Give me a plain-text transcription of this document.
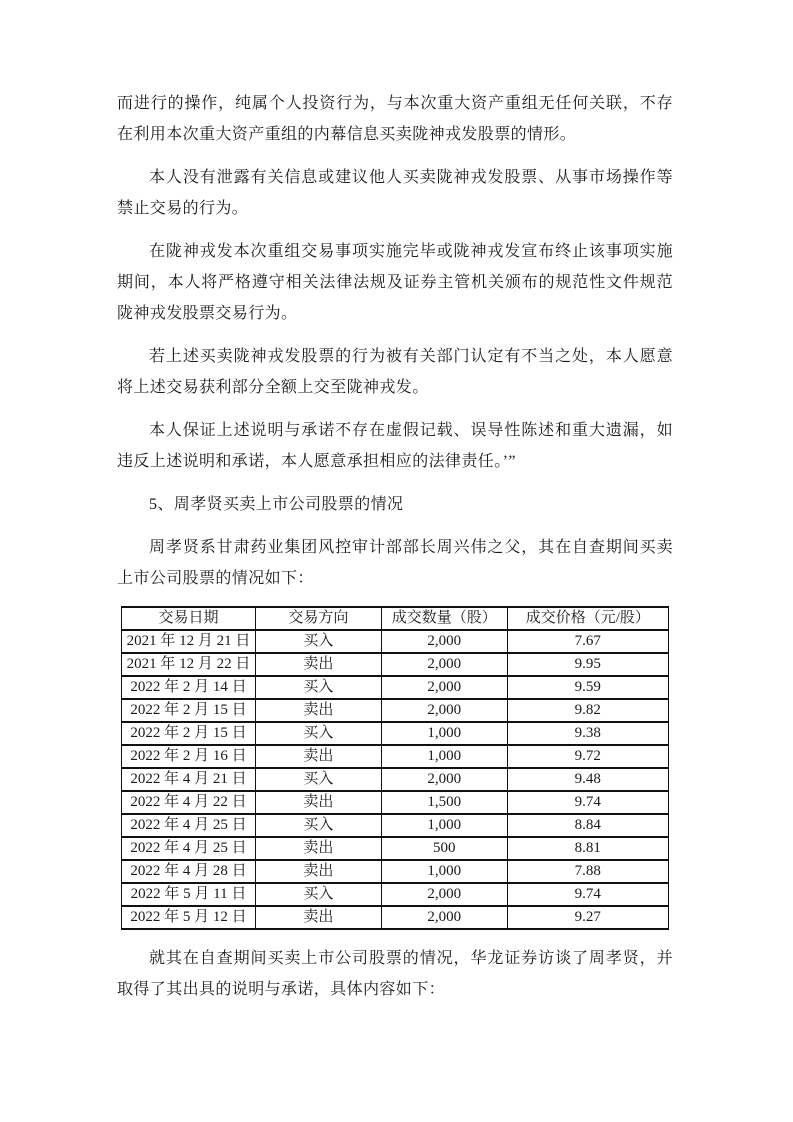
而进行的操作，纯属个人投资行为，与本次重大资产重组无任何关联，不存在利用本次重大资产重组的内幕信息买卖陇神戎发股票的情形。

本人没有泄露有关信息或建议他人买卖陇神戎发股票、从事市场操作等禁止交易的行为。

在陇神戎发本次重组交易事项实施完毕或陇神戎发宣布终止该事项实施期间，本人将严格遵守相关法律法规及证券主管机关颁布的规范性文件规范陇神戎发股票交易行为。

若上述买卖陇神戎发股票的行为被有关部门认定有不当之处，本人愿意将上述交易获利部分全额上交至陇神戎发。

本人保证上述说明与承诺不存在虚假记载、误导性陈述和重大遗漏，如违反上述说明和承诺，本人愿意承担相应的法律责任。’”

5、周孝贤买卖上市公司股票的情况

周孝贤系甘肃药业集团风控审计部部长周兴伟之父，其在自查期间买卖上市公司股票的情况如下：

交易日期	交易方向	成交数量（股）	成交价格（元/股）
2021 年 12 月 21 日	买入	2,000	7.67
2021 年 12 月 22 日	卖出	2,000	9.95
2022 年 2 月 14 日	买入	2,000	9.59
2022 年 2 月 15 日	卖出	2,000	9.82
2022 年 2 月 15 日	买入	1,000	9.38
2022 年 2 月 16 日	卖出	1,000	9.72
2022 年 4 月 21 日	买入	2,000	9.48
2022 年 4 月 22 日	卖出	1,500	9.74
2022 年 4 月 25 日	买入	1,000	8.84
2022 年 4 月 25 日	卖出	500	8.81
2022 年 4 月 28 日	卖出	1,000	7.88
2022 年 5 月 11 日	买入	2,000	9.74
2022 年 5 月 12 日	卖出	2,000	9.27

就其在自查期间买卖上市公司股票的情况，华龙证券访谈了周孝贤，并取得了其出具的说明与承诺，具体内容如下：
